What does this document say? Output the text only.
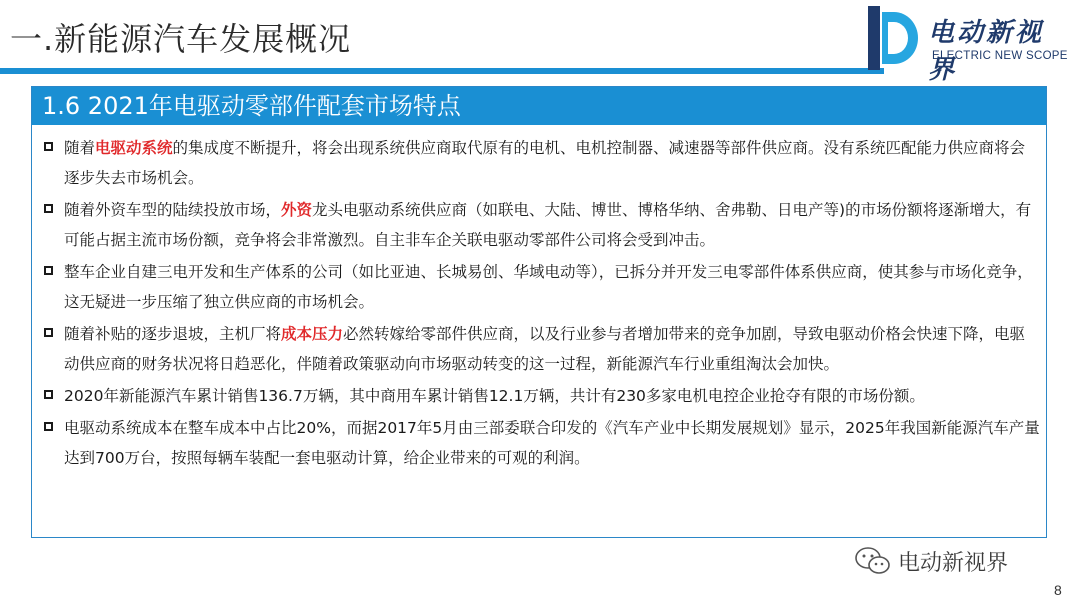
一.新能源汽车发展概况	电动新视界
ELECTRIC NEW SCOPE
1.6 2021年电驱动零部件配套市场特点
随着电驱动系统的集成度不断提升，将会出现系统供应商取代原有的电机、电机控制器、减速器等部件供应商。没有系统匹配能力供应商将会逐步失去市场机会。
随着外资车型的陆续投放市场，外资龙头电驱动系统供应商（如联电、大陆、博世、博格华纳、舍弗勒、日电产等)的市场份额将逐渐增大，有可能占据主流市场份额，竞争将会非常激烈。自主非车企关联电驱动零部件公司将会受到冲击。
整车企业自建三电开发和生产体系的公司（如比亚迪、长城易创、华域电动等），已拆分并开发三电零部件体系供应商，使其参与市场化竞争，这无疑进一步压缩了独立供应商的市场机会。
随着补贴的逐步退坡，主机厂将成本压力必然转嫁给零部件供应商，以及行业参与者增加带来的竞争加剧，导致电驱动价格会快速下降，电驱动供应商的财务状况将日趋恶化，伴随着政策驱动向市场驱动转变的这一过程，新能源汽车行业重组淘汰会加快。
2020年新能源汽车累计销售136.7万辆，其中商用车累计销售12.1万辆，共计有230多家电机电控企业抢夺有限的市场份额。
电驱动系统成本在整车成本中占比20%，而据2017年5月由三部委联合印发的《汽车产业中长期发展规划》显示，2025年我国新能源汽车产量达到700万台，按照每辆车装配一套电驱动计算，给企业带来的可观的利润。
电动新视界
8
